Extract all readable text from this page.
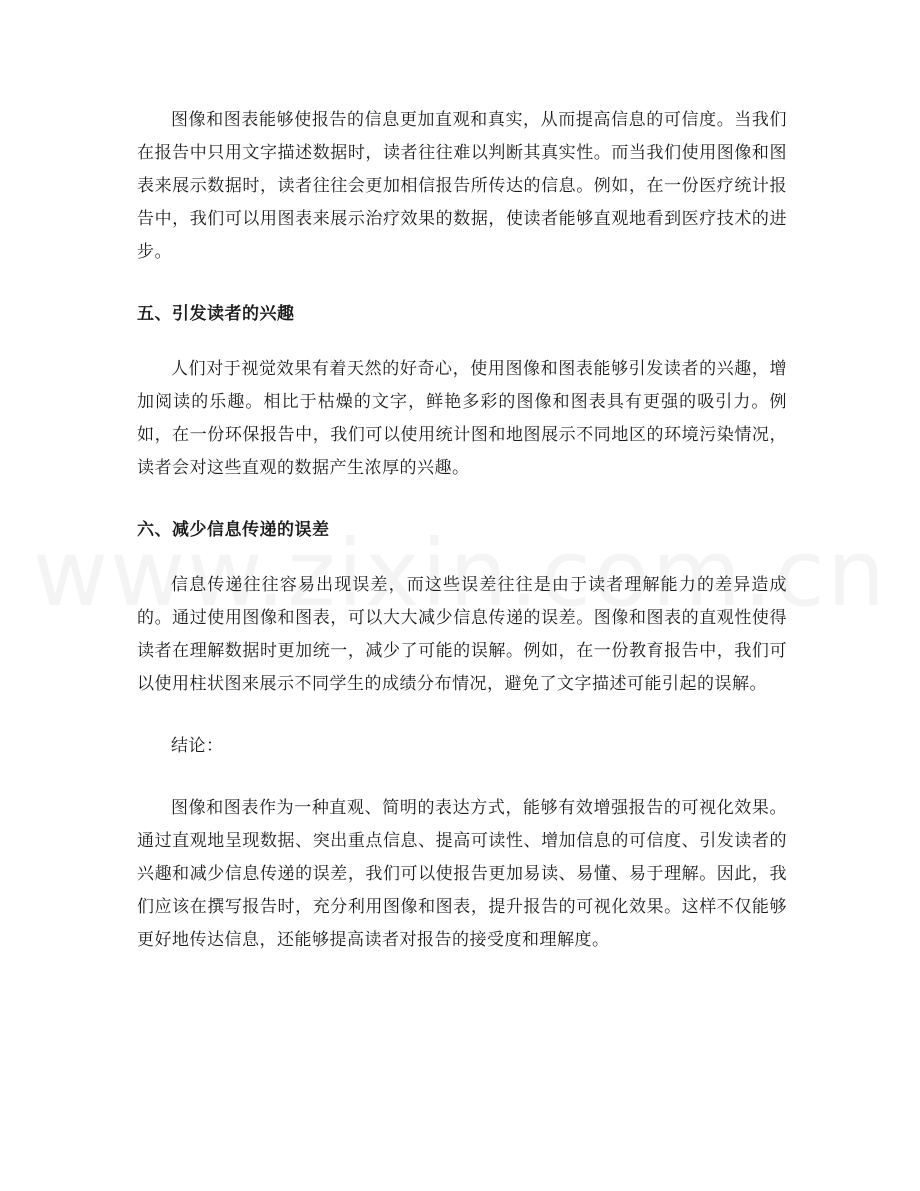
图像和图表能够使报告的信息更加直观和真实，从而提高信息的可信度。当我们在报告中只用文字描述数据时，读者往往难以判断其真实性。而当我们使用图像和图表来展示数据时，读者往往会更加相信报告所传达的信息。例如，在一份医疗统计报告中，我们可以用图表来展示治疗效果的数据，使读者能够直观地看到医疗技术的进步。

五、引发读者的兴趣

人们对于视觉效果有着天然的好奇心，使用图像和图表能够引发读者的兴趣，增加阅读的乐趣。相比于枯燥的文字，鲜艳多彩的图像和图表具有更强的吸引力。例如，在一份环保报告中，我们可以使用统计图和地图展示不同地区的环境污染情况，读者会对这些直观的数据产生浓厚的兴趣。

六、减少信息传递的误差

信息传递往往容易出现误差，而这些误差往往是由于读者理解能力的差异造成的。通过使用图像和图表，可以大大减少信息传递的误差。图像和图表的直观性使得读者在理解数据时更加统一，减少了可能的误解。例如，在一份教育报告中，我们可以使用柱状图来展示不同学生的成绩分布情况，避免了文字描述可能引起的误解。

结论：

图像和图表作为一种直观、简明的表达方式，能够有效增强报告的可视化效果。通过直观地呈现数据、突出重点信息、提高可读性、增加信息的可信度、引发读者的兴趣和减少信息传递的误差，我们可以使报告更加易读、易懂、易于理解。因此，我们应该在撰写报告时，充分利用图像和图表，提升报告的可视化效果。这样不仅能够更好地传达信息，还能够提高读者对报告的接受度和理解度。
